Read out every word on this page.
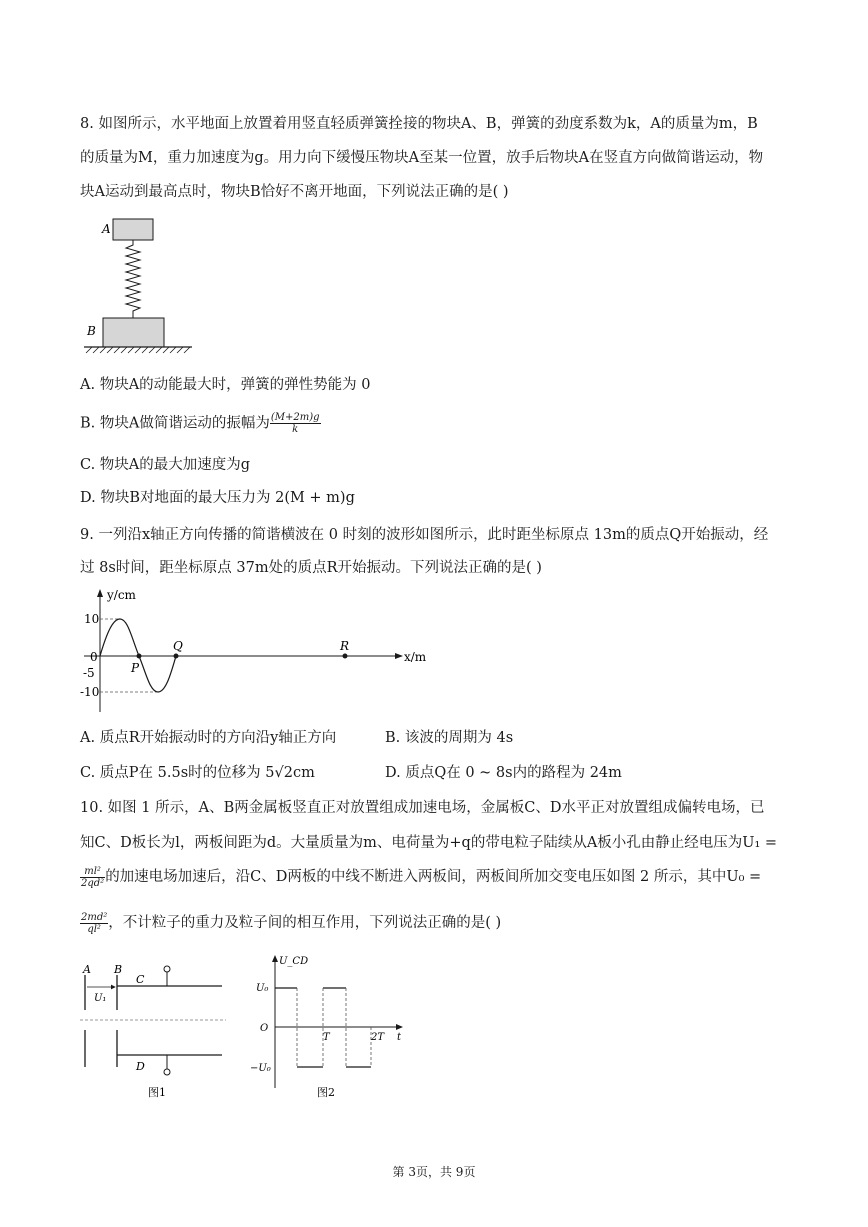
8. 如图所示，水平地面上放置着用竖直轻质弹簧拴接的物块A、B，弹簧的劲度系数为k，A的质量为m，B
的质量为M，重力加速度为g。用力向下缓慢压物块A至某一位置，放手后物块A在竖直方向做简谐运动，物
块A运动到最高点时，物块B恰好不离开地面，下列说法正确的是( )
A
B
A. 物块A的动能最大时，弹簧的弹性势能为 0
B. 物块A做简谐运动的振幅为 $\frac{(M+2m)g}{k}$
C. 物块A的最大加速度为g
D. 物块B对地面的最大压力为 2(M + m)g
9. 一列沿x轴正方向传播的简谐横波在 0 时刻的波形如图所示，此时距坐标原点 13m的质点Q开始振动，经
过 8s时间，距坐标原点 37m处的质点R开始振动。下列说法正确的是( )
y/cm
x/m
10
0
-5
-10
P
Q	R
A. 质点R开始振动时的方向沿y轴正方向	B. 该波的周期为 4s
C. 质点P在 5.5s时的位移为 5√2cm	D. 质点Q在 0 ~ 8s内的路程为 24m
10. 如图 1 所示，A、B两金属板竖直正对放置组成加速电场，金属板C、D水平正对放置组成偏转电场，已
知C、D板长为l，两板间距为d。大量质量为m、电荷量为+q的带电粒子陆续从A板小孔由静止经电压为U₁ =
$\frac{\text{ml²}}{\text{2qd²}}$ 的加速电场加速后，沿C、D两板的中线不断进入两板间，两板间所加交变电压如图 2 所示，其中U₀ =
$\frac{\text{2md²}}{\text{ql²}}$ ，不计粒子的重力及粒子间的相互作用，下列说法正确的是( )
A B
U₁
C
D
图1
U_CD
U₀
−U₀
O
T	2T t
图2
第 3页，共 9页
